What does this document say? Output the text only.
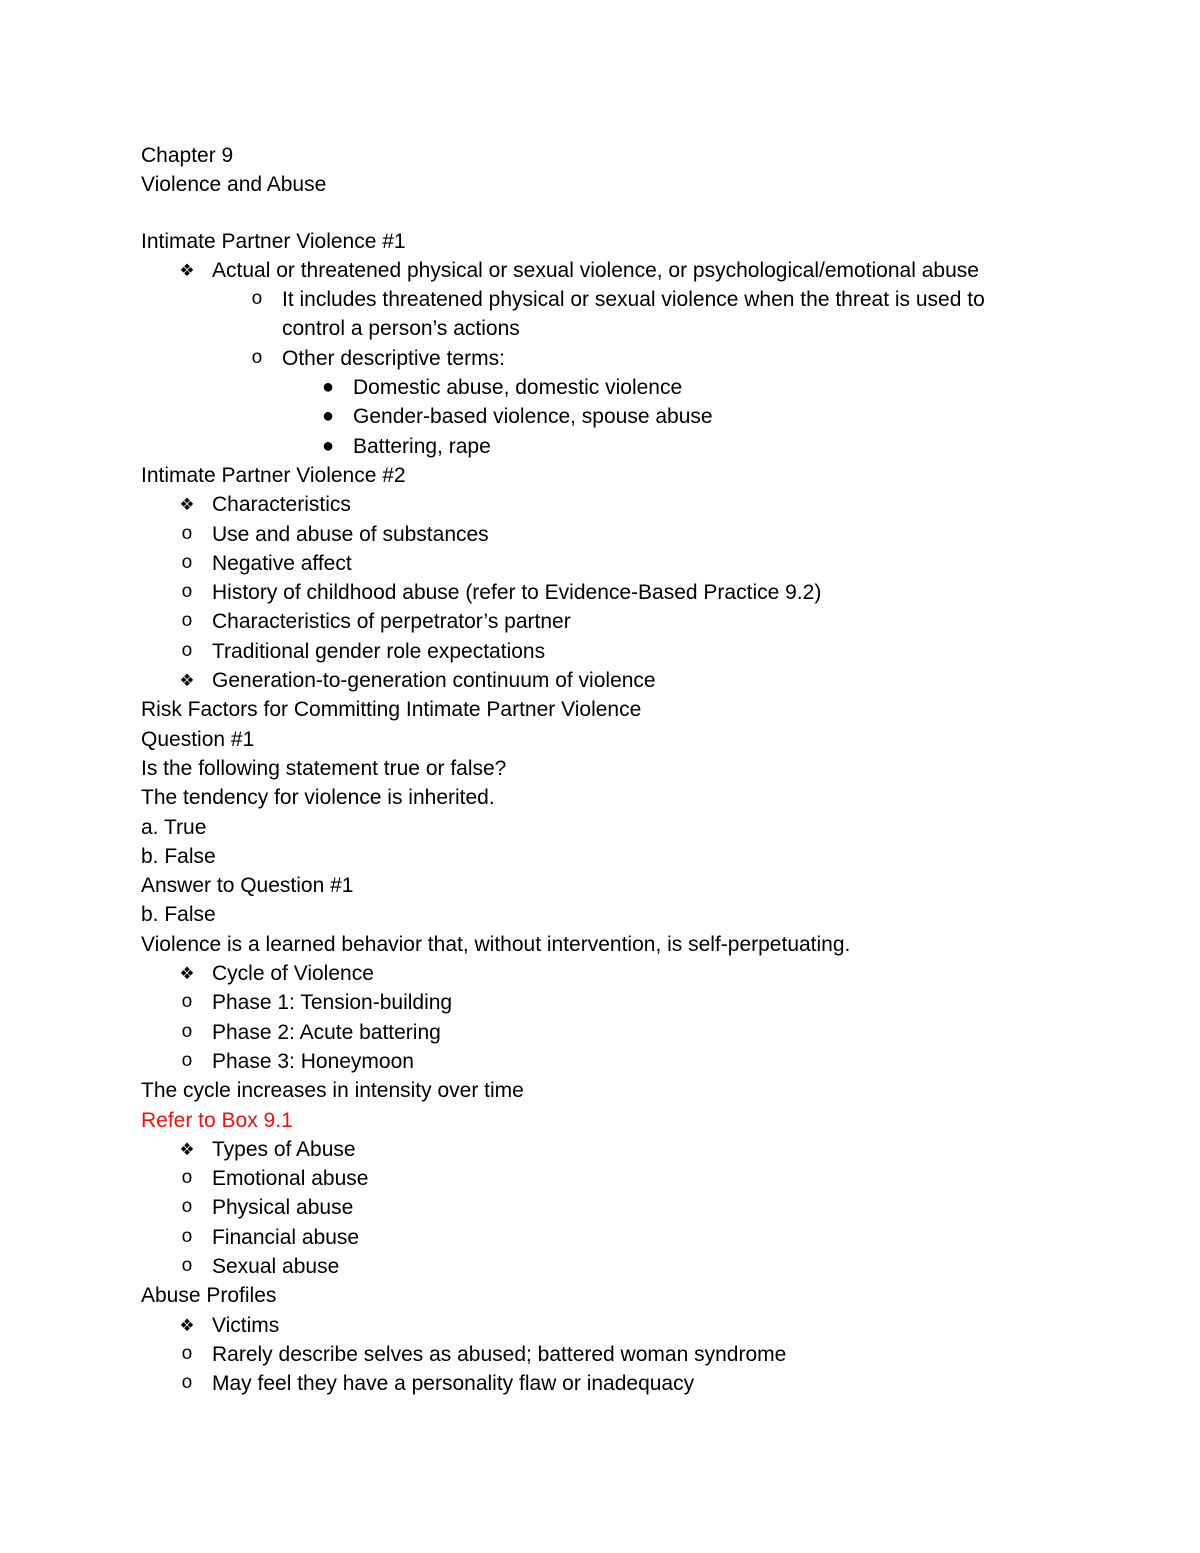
Chapter 9
Violence and Abuse
Intimate Partner Violence #1
❖ Actual or threatened physical or sexual violence, or psychological/emotional abuse
o It includes threatened physical or sexual violence when the threat is used to control a person’s actions
o Other descriptive terms:
● Domestic abuse, domestic violence
● Gender-based violence, spouse abuse
● Battering, rape
Intimate Partner Violence #2
❖ Characteristics
o Use and abuse of substances
o Negative affect
o History of childhood abuse (refer to Evidence-Based Practice 9.2)
o Characteristics of perpetrator’s partner
o Traditional gender role expectations
❖ Generation-to-generation continuum of violence
Risk Factors for Committing Intimate Partner Violence
Question #1
Is the following statement true or false?
The tendency for violence is inherited.
a. True
b. False
Answer to Question #1
b. False
Violence is a learned behavior that, without intervention, is self-perpetuating.
❖ Cycle of Violence
o Phase 1: Tension-building
o Phase 2: Acute battering
o Phase 3: Honeymoon
The cycle increases in intensity over time
Refer to Box 9.1
❖ Types of Abuse
o Emotional abuse
o Physical abuse
o Financial abuse
o Sexual abuse
Abuse Profiles
❖ Victims
o Rarely describe selves as abused; battered woman syndrome
o May feel they have a personality flaw or inadequacy
